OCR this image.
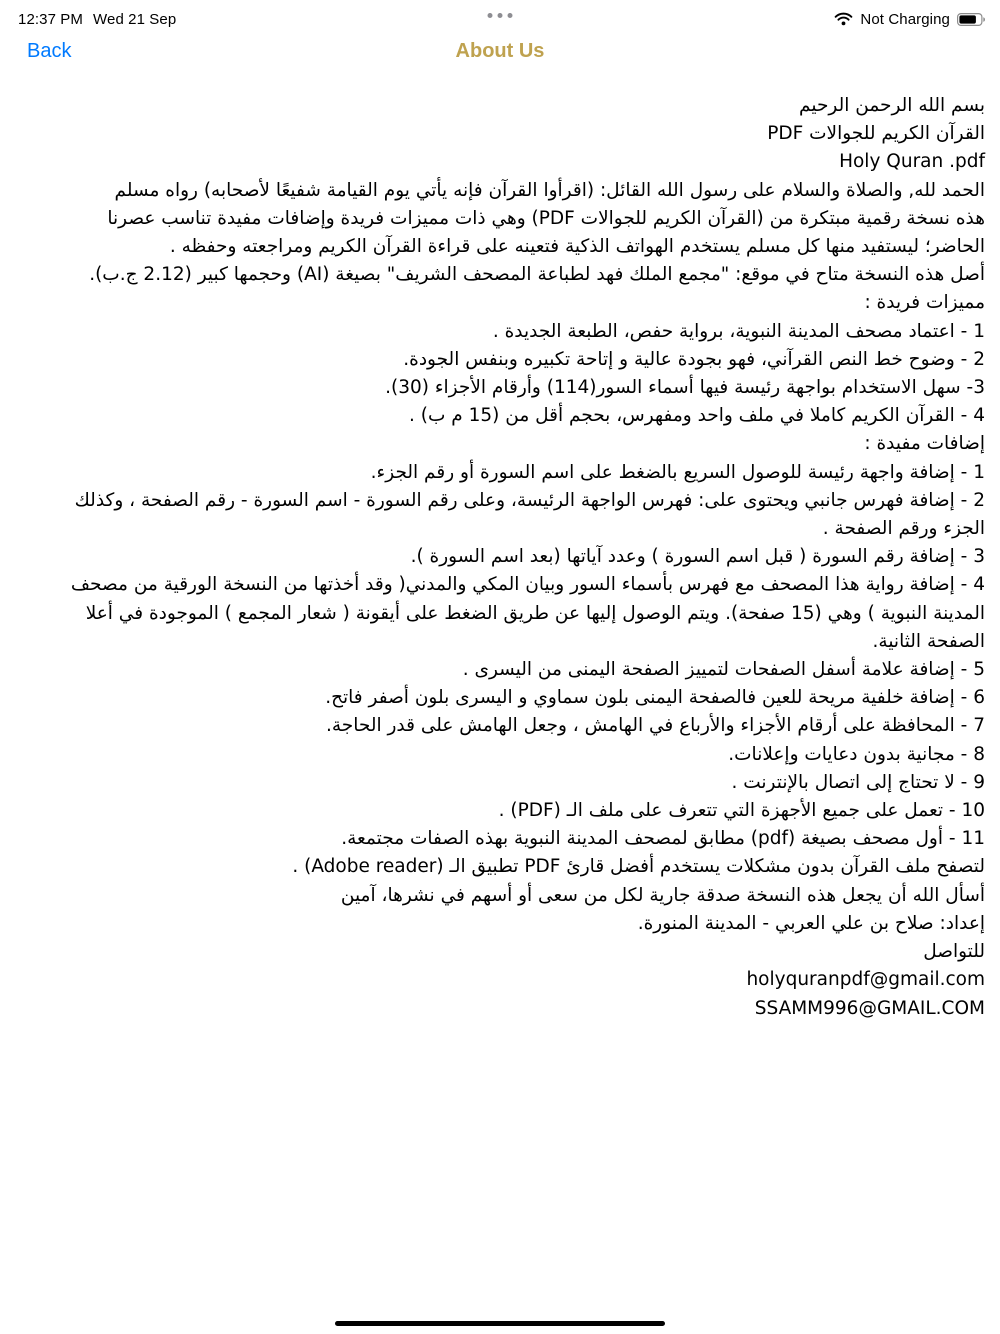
12:37 PM Wed 21 Sep	Not Charging
Back	About Us
بسم الله الرحمن الرحيم
القرآن الكريم للجوالات PDF
Holy Quran .pdf
الحمد لله, والصلاة والسلام على رسول الله القائل: (اقرأوا القرآن فإنه يأتي يوم القيامة شفيعًا لأصحابه) رواه مسلم
هذه نسخة رقمية مبتكرة من (القرآن الكريم للجوالات PDF) وهي ذات مميزات فريدة وإضافات مفيدة تناسب عصرنا
الحاضر؛ ليستفيد منها كل مسلم يستخدم الهواتف الذكية فتعينه على قراءة القرآن الكريم ومراجعته وحفظه .
أصل هذه النسخة متاح في موقع: "مجمع الملك فهد لطباعة المصحف الشريف" بصيغة (AI) وحجمها كبير (2.12 ج.ب).
مميزات فريدة :
1 - اعتماد مصحف المدينة النبوية، برواية حفص، الطبعة الجديدة .
2 - وضوح خط النص القرآني، فهو بجودة عالية و إتاحة تكبيره وبنفس الجودة.
3- سهل الاستخدام بواجهة رئيسة فيها أسماء السور(114) وأرقام الأجزاء (30).
4 - القرآن الكريم كاملا في ملف واحد ومفهرس، بحجم أقل من (15 م ب) .
إضافات مفيدة :
1 - إضافة واجهة رئيسة للوصول السريع بالضغط على اسم السورة أو رقم الجزء.
2 - إضافة فهرس جانبي ويحتوى على: فهرس الواجهة الرئيسة، وعلى رقم السورة - اسم السورة - رقم الصفحة ، وكذلك
الجزء ورقم الصفحة .
3 - إضافة رقم السورة ( قبل اسم السورة ) وعدد آياتها (بعد اسم السورة ).
4 - إضافة رواية هذا المصحف مع فهرس بأسماء السور وبيان المكي والمدني( وقد أخذتها من النسخة الورقية من مصحف
المدينة النبوية ) وهي (15 صفحة). ويتم الوصول إليها عن طريق الضغط على أيقونة ( شعار المجمع ) الموجودة في أعلا
الصفحة الثانية.
5 - إضافة علامة أسفل الصفحات لتمييز الصفحة اليمنى من اليسرى .
6 - إضافة خلفية مريحة للعين فالصفحة اليمنى بلون سماوي و اليسرى بلون أصفر فاتح.
7 - المحافظة على أرقام الأجزاء والأرباع في الهامش ، وجعل الهامش على قدر الحاجة.
8 - مجانية بدون دعايات وإعلانات.
9 - لا تحتاج إلى اتصال بالإنترنت .
10 - تعمل على جميع الأجهزة التي تتعرف على ملف الـ (PDF) .
11 - أول مصحف بصيغة (pdf) مطابق لمصحف المدينة النبوية بهذه الصفات مجتمعة.
لتصفح ملف القرآن بدون مشكلات يستخدم أفضل قارئ PDF تطبيق الـ (Adobe reader) .
أسأل الله أن يجعل هذه النسخة صدقة جارية لكل من سعى أو أسهم في نشرها، آمين
إعداد: صلاح بن علي العربي - المدينة المنورة.
للتواصل
holyquranpdf@gmail.com
SSAMM996@GMAIL.COM
